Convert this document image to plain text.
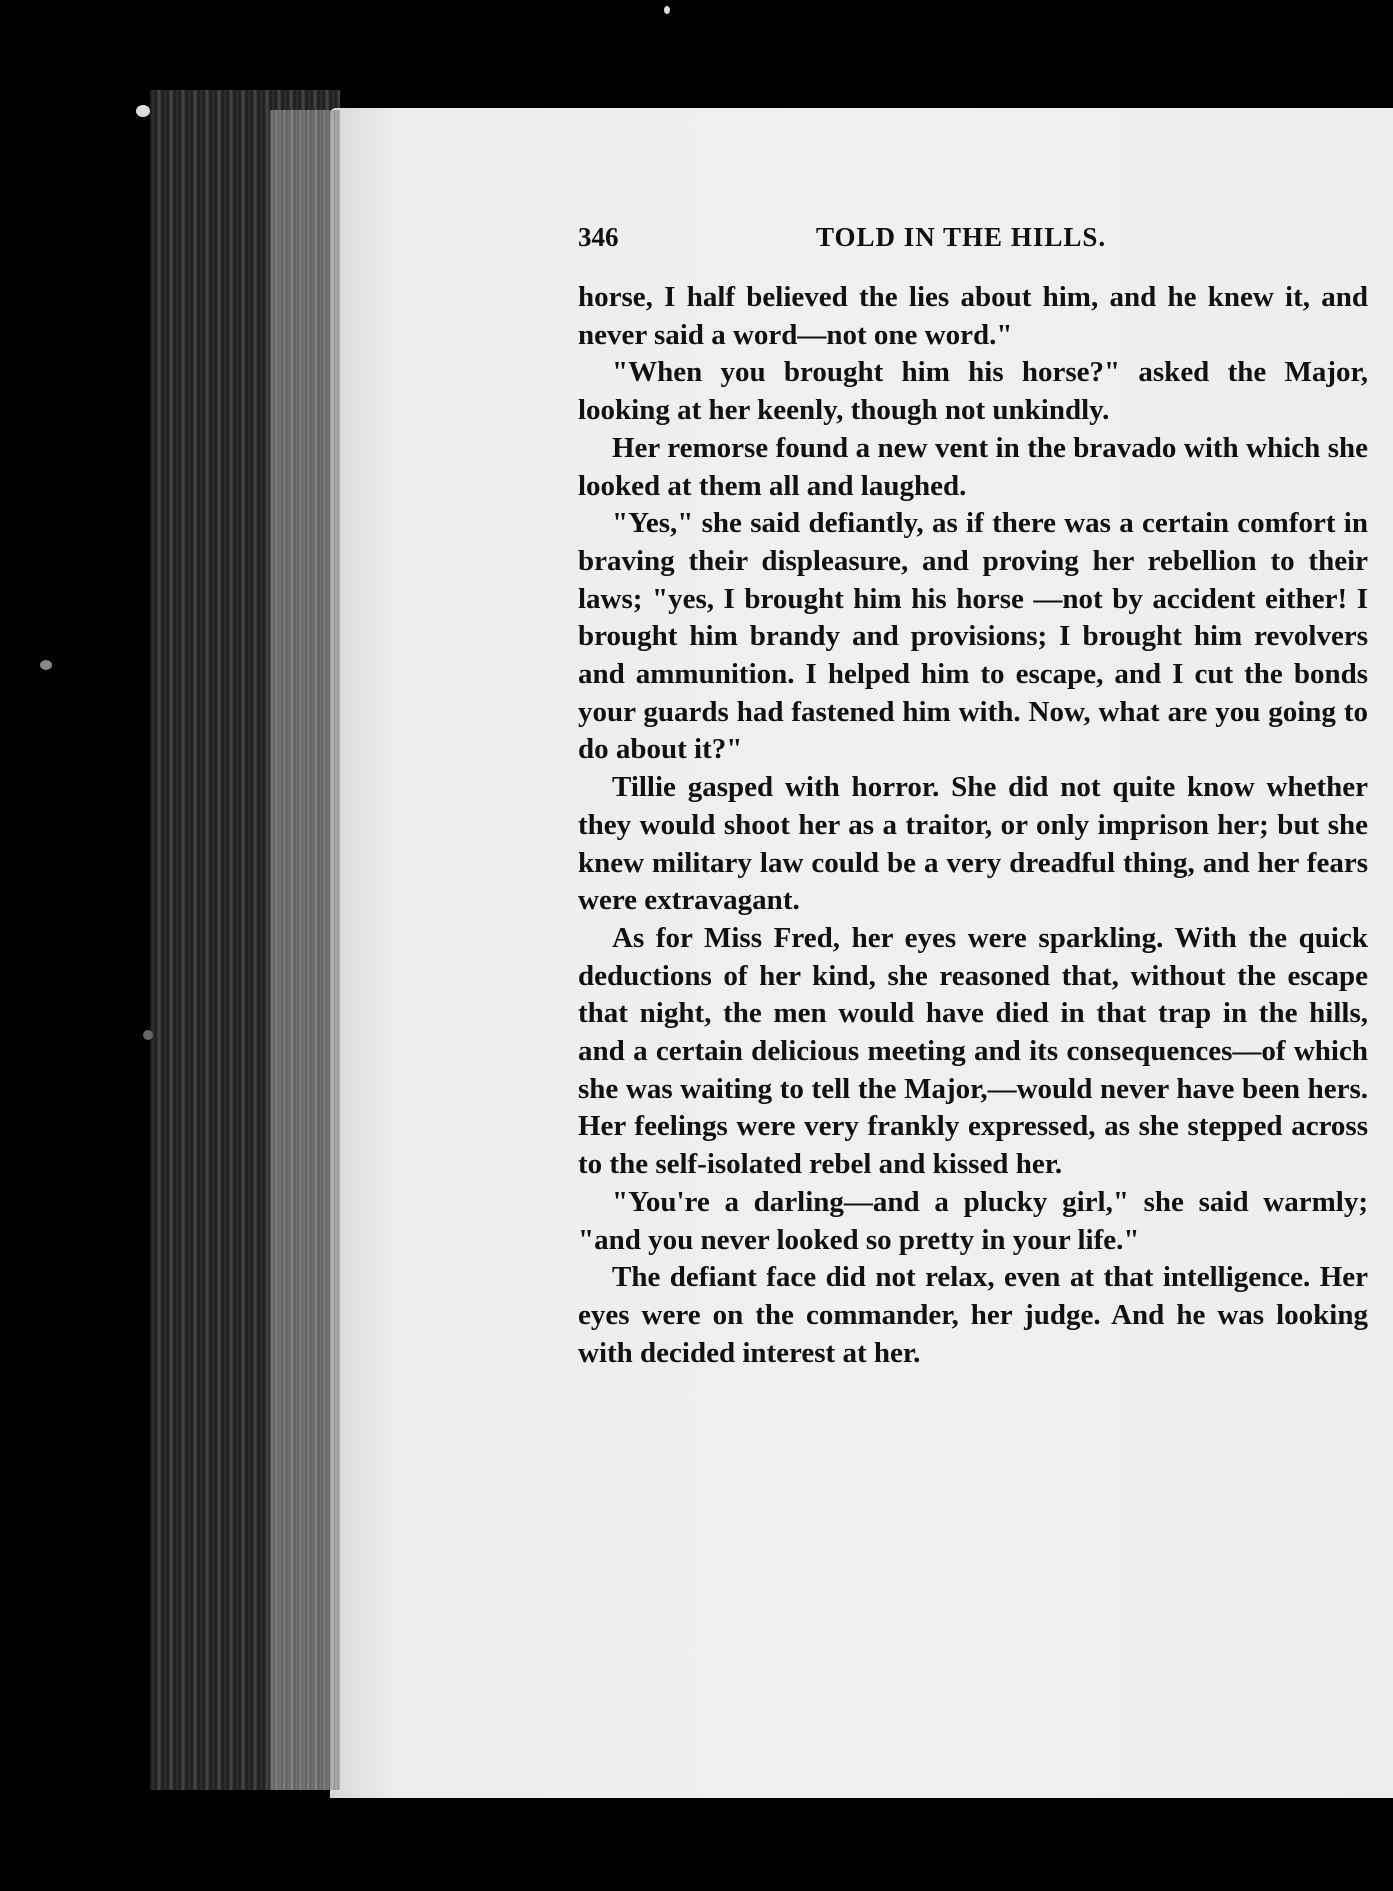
346	TOLD IN THE HILLS.

horse, I half believed the lies about him, and he knew it, and never said a word—not one word."

"When you brought him his horse?" asked the Major, looking at her keenly, though not unkindly.

Her remorse found a new vent in the bravado with which she looked at them all and laughed.

"Yes," she said defiantly, as if there was a certain comfort in braving their displeasure, and proving her rebellion to their laws; "yes, I brought him his horse —not by accident either! I brought him brandy and provisions; I brought him revolvers and ammunition. I helped him to escape, and I cut the bonds your guards had fastened him with. Now, what are you going to do about it?"

Tillie gasped with horror. She did not quite know whether they would shoot her as a traitor, or only imprison her; but she knew military law could be a very dreadful thing, and her fears were extravagant.

As for Miss Fred, her eyes were sparkling. With the quick deductions of her kind, she reasoned that, without the escape that night, the men would have died in that trap in the hills, and a certain delicious meeting and its consequences—of which she was waiting to tell the Major,—would never have been hers. Her feelings were very frankly expressed, as she stepped across to the self-isolated rebel and kissed her.

"You're a darling—and a plucky girl," she said warmly; "and you never looked so pretty in your life."

The defiant face did not relax, even at that intelligence. Her eyes were on the commander, her judge. And he was looking with decided interest at her.
